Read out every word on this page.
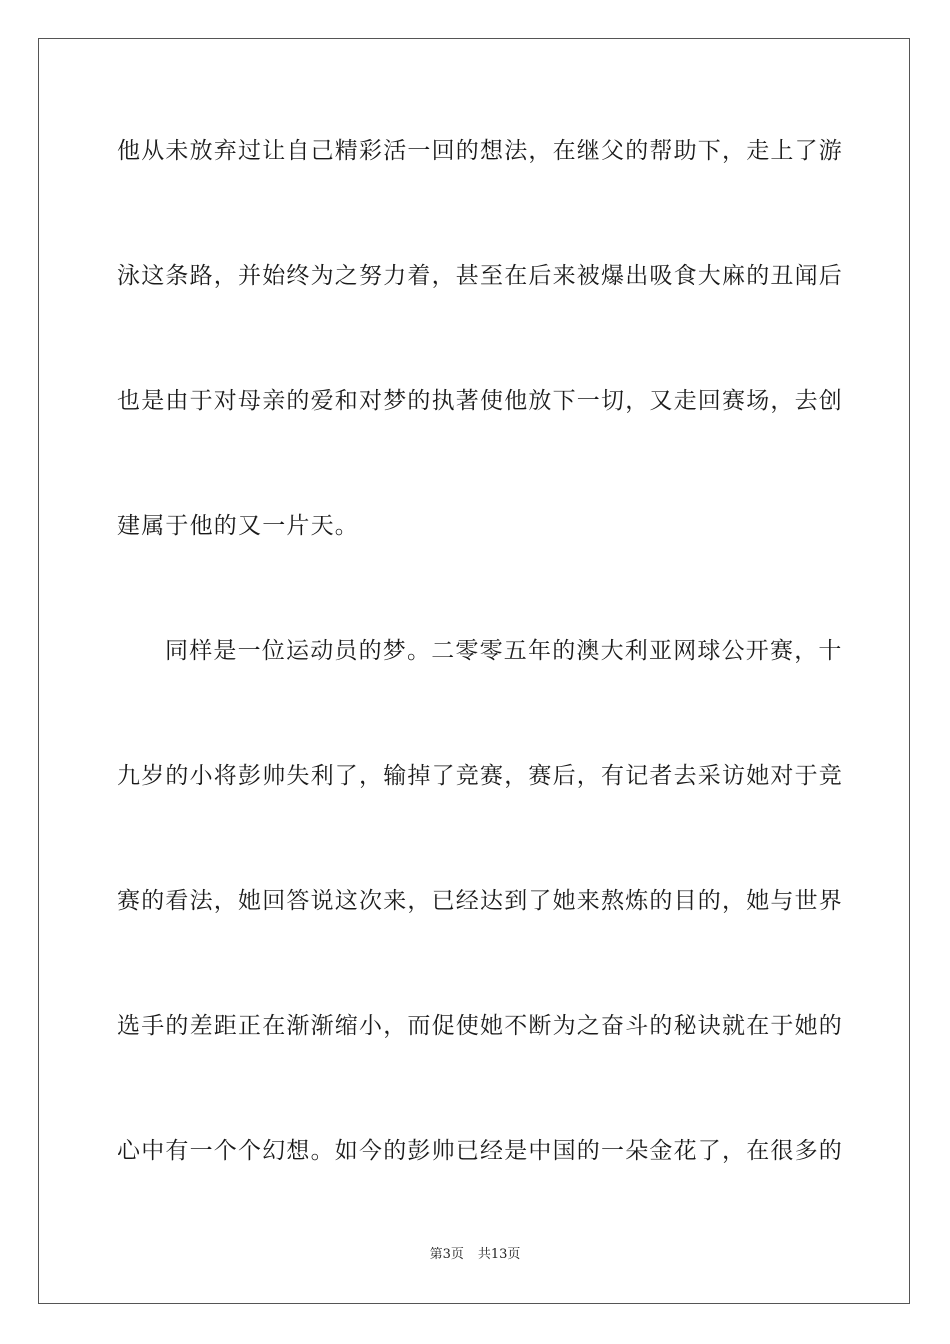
他从未放弃过让自己精彩活一回的想法，在继父的帮助下，走上了游
泳这条路，并始终为之努力着，甚至在后来被爆出吸食大麻的丑闻后
也是由于对母亲的爱和对梦的执著使他放下一切，又走回赛场，去创
建属于他的又一片天。
同样是一位运动员的梦。二零零五年的澳大利亚网球公开赛，十
九岁的小将彭帅失利了，输掉了竞赛，赛后，有记者去采访她对于竞
赛的看法，她回答说这次来，已经达到了她来熬炼的目的，她与世界
选手的差距正在渐渐缩小，而促使她不断为之奋斗的秘诀就在于她的
心中有一个个幻想。如今的彭帅已经是中国的一朵金花了，在很多的
第3页 共13页
